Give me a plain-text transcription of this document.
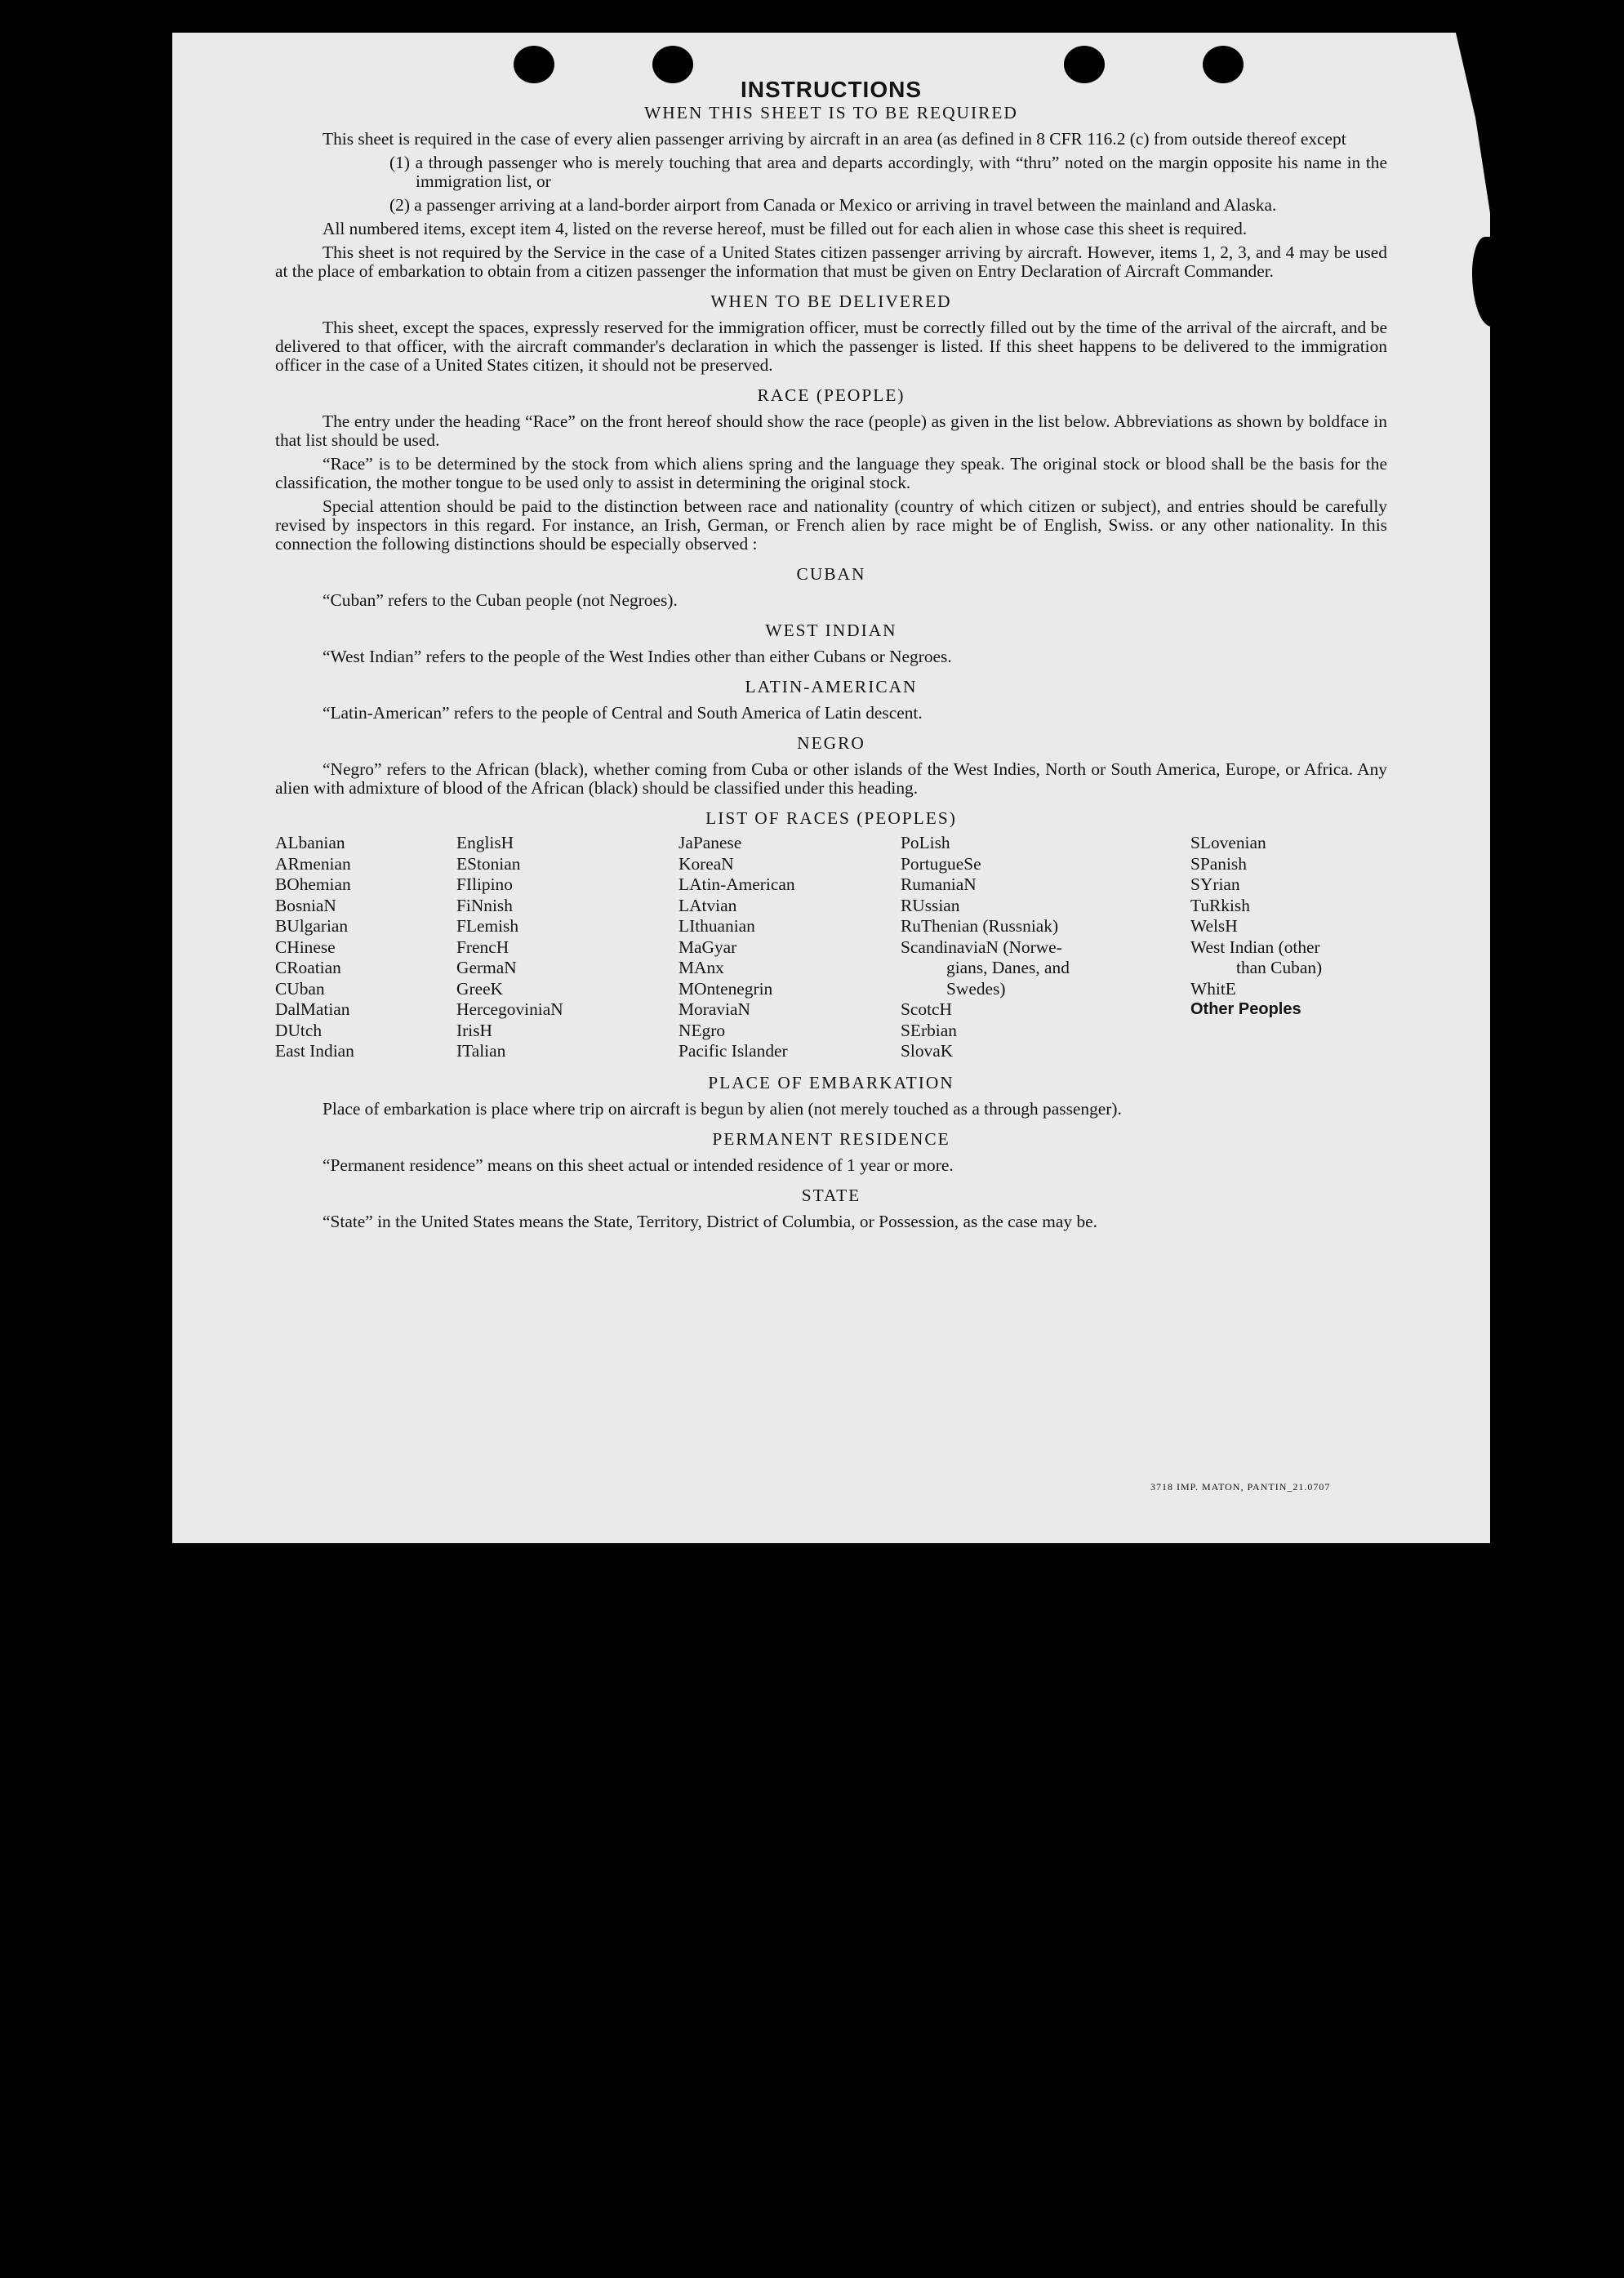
INSTRUCTIONS
WHEN THIS SHEET IS TO BE REQUIRED

This sheet is required in the case of every alien passenger arriving by aircraft in an area (as defined in 8 CFR 116.2 (c) from outside thereof except

(1) a through passenger who is merely touching that area and departs accordingly, with “thru” noted on the margin opposite his name in the immigration list, or

(2) a passenger arriving at a land-border airport from Canada or Mexico or arriving in travel between the mainland and Alaska.

All numbered items, except item 4, listed on the reverse hereof, must be filled out for each alien in whose case this sheet is required.

This sheet is not required by the Service in the case of a United States citizen passenger arriving by aircraft. However, items 1, 2, 3, and 4 may be used at the place of embarkation to obtain from a citizen passenger the information that must be given on Entry Declaration of Aircraft Commander.

WHEN TO BE DELIVERED

This sheet, except the spaces, expressly reserved for the immigration officer, must be correctly filled out by the time of the arrival of the aircraft, and be delivered to that officer, with the aircraft commander's declaration in which the passenger is listed. If this sheet happens to be delivered to the immigration officer in the case of a United States citizen, it should not be preserved.

RACE (PEOPLE)

The entry under the heading “Race” on the front hereof should show the race (people) as given in the list below. Abbreviations as shown by boldface in that list should be used.

“Race” is to be determined by the stock from which aliens spring and the language they speak. The original stock or blood shall be the basis for the classification, the mother tongue to be used only to assist in determining the original stock.

Special attention should be paid to the distinction between race and nationality (country of which citizen or subject), and entries should be carefully revised by inspectors in this regard. For instance, an Irish, German, or French alien by race might be of English, Swiss. or any other nationality. In this connection the following distinctions should be especially observed :

CUBAN

“Cuban” refers to the Cuban people (not Negroes).

WEST INDIAN

“West Indian” refers to the people of the West Indies other than either Cubans or Negroes.

LATIN-AMERICAN

“Latin-American” refers to the people of Central and South America of Latin descent.

NEGRO

“Negro” refers to the African (black), whether coming from Cuba or other islands of the West Indies, North or South America, Europe, or Africa. Any alien with admixture of blood of the African (black) should be classified under this heading.

LIST OF RACES (PEOPLES)
ALbanian
ARmenian
BOhemian
BosniaN
BUlgarian
CHinese
CRoatian
CUban
DalMatian
DUtch
East Indian
EnglisH
EStonian
FIlipino
FiNnish
FLemish
FrencH
GermaN
GreeK
HercegoviniaN
IrisH
ITalian
JaPanese
KoreaN
LAtin-American
LAtvian
LIthuanian
MaGyar
MAnx
MOntenegrin
MoraviaN
NEgro
Pacific Islander
PoLish
PortugueSe
RumaniaN
RUssian
RuThenian (Russniak)
ScandinaviaN (Norwe-
gians, Danes, and
Swedes)
ScotcH
SErbian
SlovaK
SLovenian
SPanish
SYrian
TuRkish
WelsH
West Indian (other
than Cuban)
WhitE
Other Peoples
PLACE OF EMBARKATION

Place of embarkation is place where trip on aircraft is begun by alien (not merely touched as a through passenger).

PERMANENT RESIDENCE

“Permanent residence” means on this sheet actual or intended residence of 1 year or more.

STATE

“State” in the United States means the State, Territory, District of Columbia, or Possession, as the case may be.

3718 IMP. MATON, PANTIN_21.0707
